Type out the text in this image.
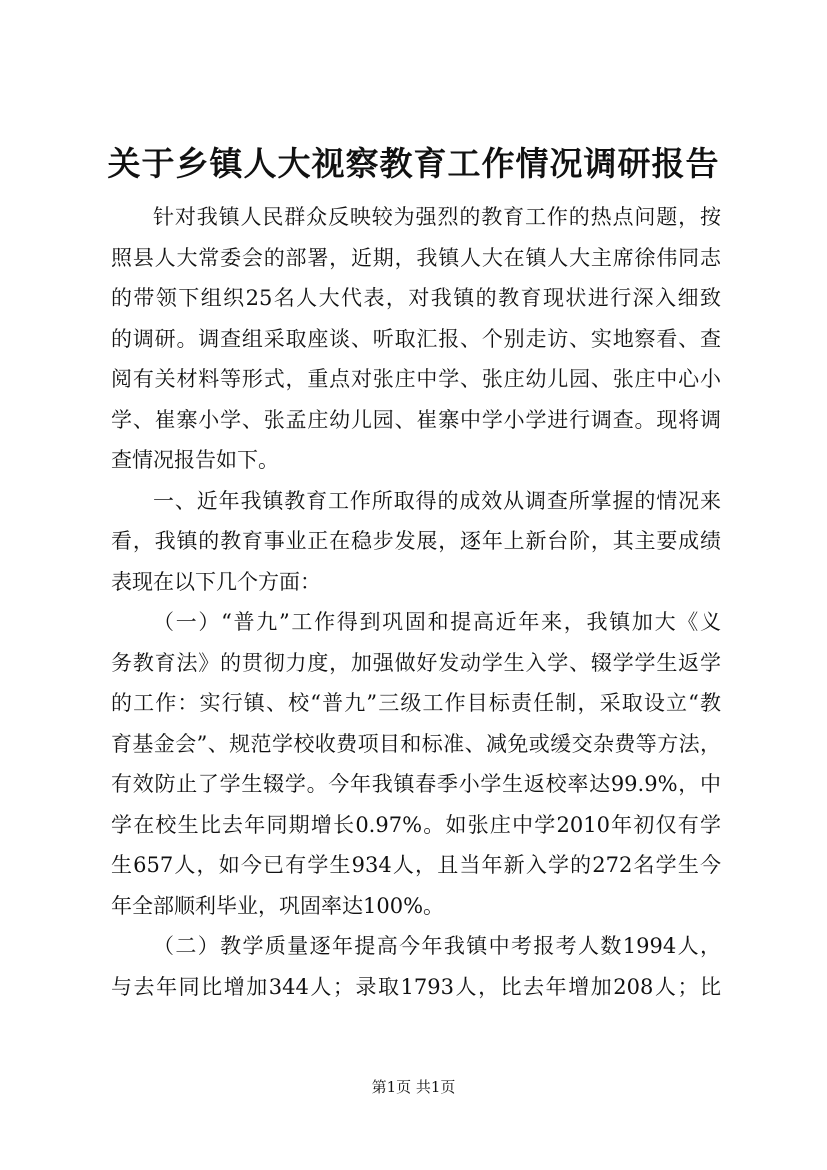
关于乡镇人大视察教育工作情况调研报告
针对我镇人民群众反映较为强烈的教育工作的热点问题，按
照县人大常委会的部署，近期，我镇人大在镇人大主席徐伟同志
的带领下组织25名人大代表，对我镇的教育现状进行深入细致
的调研。调查组采取座谈、听取汇报、个别走访、实地察看、查
阅有关材料等形式，重点对张庄中学、张庄幼儿园、张庄中心小
学、崔寨小学、张孟庄幼儿园、崔寨中学小学进行调查。现将调
查情况报告如下。
一、近年我镇教育工作所取得的成效从调查所掌握的情况来
看，我镇的教育事业正在稳步发展，逐年上新台阶，其主要成绩
表现在以下几个方面：
（一）“普九”工作得到巩固和提高近年来，我镇加大《义
务教育法》的贯彻力度，加强做好发动学生入学、辍学学生返学
的工作：实行镇、校“普九”三级工作目标责任制，采取设立“教
育基金会”、规范学校收费项目和标准、减免或缓交杂费等方法，
有效防止了学生辍学。今年我镇春季小学生返校率达99.9%，中
学在校生比去年同期增长0.97%。如张庄中学2010年初仅有学
生657人，如今已有学生934人，且当年新入学的272名学生今
年全部顺利毕业，巩固率达100%。
（二）教学质量逐年提高今年我镇中考报考人数1994人，
与去年同比增加344人；录取1793人，比去年增加208人；比
第1页 共1页
